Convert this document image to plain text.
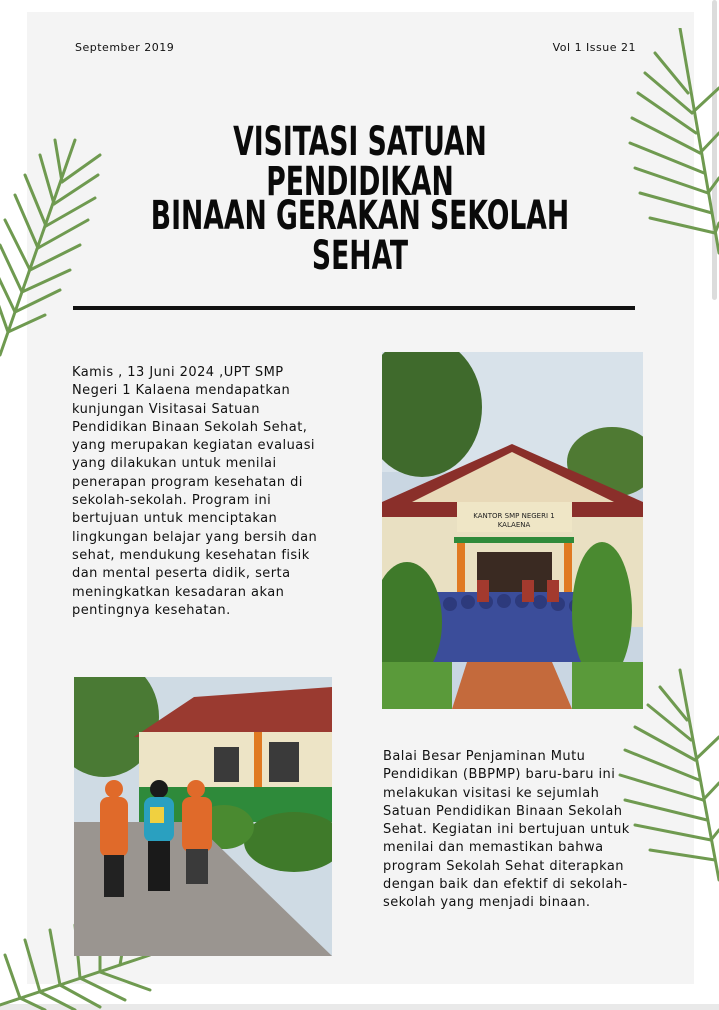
September 2019	Vol 1 Issue 21
VISITASI SATUAN PENDIDIKAN
BINAAN GERAKAN SEKOLAH SEHAT
Kamis , 13 Juni 2024 ,UPT SMP
Negeri 1 Kalaena mendapatkan
kunjungan Visitasai Satuan
Pendidikan Binaan Sekolah Sehat,
yang merupakan kegiatan evaluasi
yang dilakukan untuk menilai
penerapan program kesehatan di
sekolah-sekolah. Program ini
bertujuan untuk menciptakan
lingkungan belajar yang bersih dan
sehat, mendukung kesehatan fisik
dan mental peserta didik, serta
meningkatkan kesadaran akan
pentingnya kesehatan.
Balai Besar Penjaminan Mutu
Pendidikan (BBPMP) baru-baru ini
melakukan visitasi ke sejumlah
Satuan Pendidikan Binaan Sekolah
Sehat. Kegiatan ini bertujuan untuk
menilai dan memastikan bahwa
program Sekolah Sehat diterapkan
dengan baik dan efektif di sekolah-
sekolah yang menjadi binaan.
KANTOR SMP NEGERI 1
KALAENA
